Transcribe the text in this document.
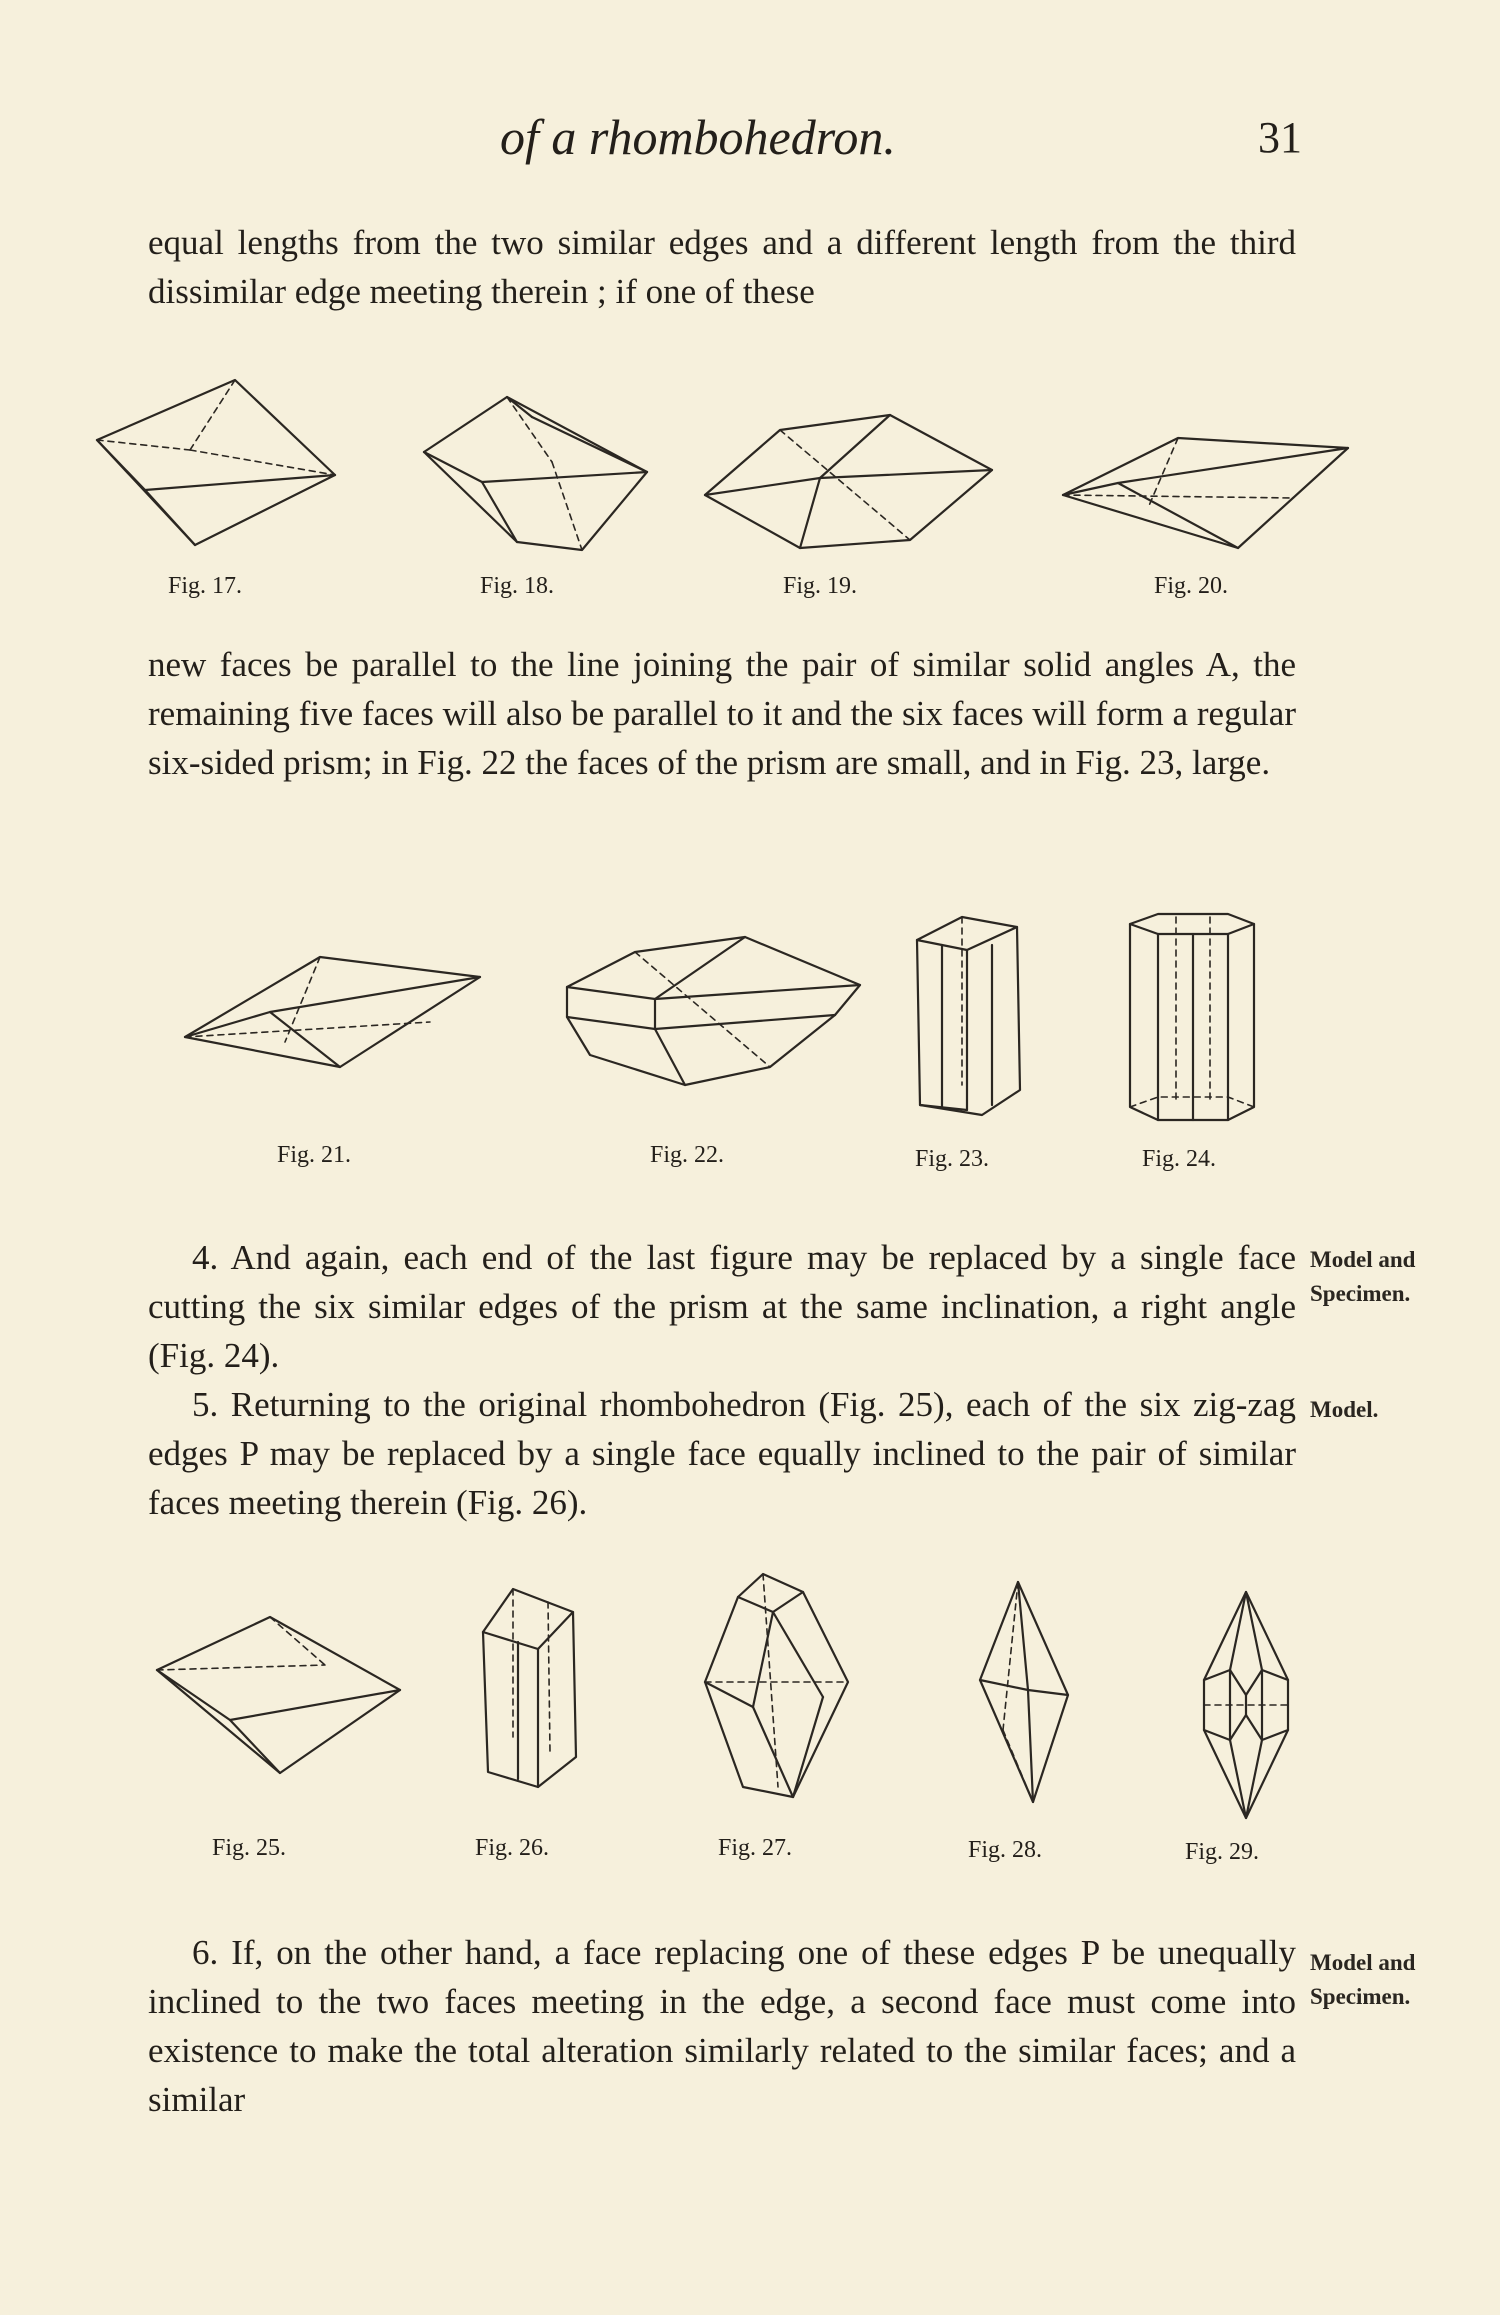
of a rhombohedron.	31

equal lengths from the two similar edges and a different length from the third dissimilar edge meeting therein ; if one of these

Fig. 17.	Fig. 18.	Fig. 19.	Fig. 20.

new faces be parallel to the line joining the pair of similar solid angles A, the remaining five faces will also be parallel to it and the six faces will form a regular six-sided prism; in Fig. 22 the faces of the prism are small, and in Fig. 23, large.

Fig. 21.	Fig. 22.	Fig. 23.	Fig. 24.

4. And again, each end of the last figure may be replaced by a single face cutting the six similar edges of the prism at the same inclination, a right angle (Fig. 24).

Model and
Specimen.

5. Returning to the original rhombohedron (Fig. 25), each of the six zig-zag edges P may be replaced by a single face equally inclined to the pair of similar faces meeting therein (Fig. 26).

Model.
Fig. 25.	Fig. 26.	Fig. 27.	Fig. 28.	Fig. 29.

6. If, on the other hand, a face replacing one of these edges P be unequally inclined to the two faces meeting in the edge, a second face must come into existence to make the total alteration similarly related to the similar faces; and a similar

Model and
Specimen.
